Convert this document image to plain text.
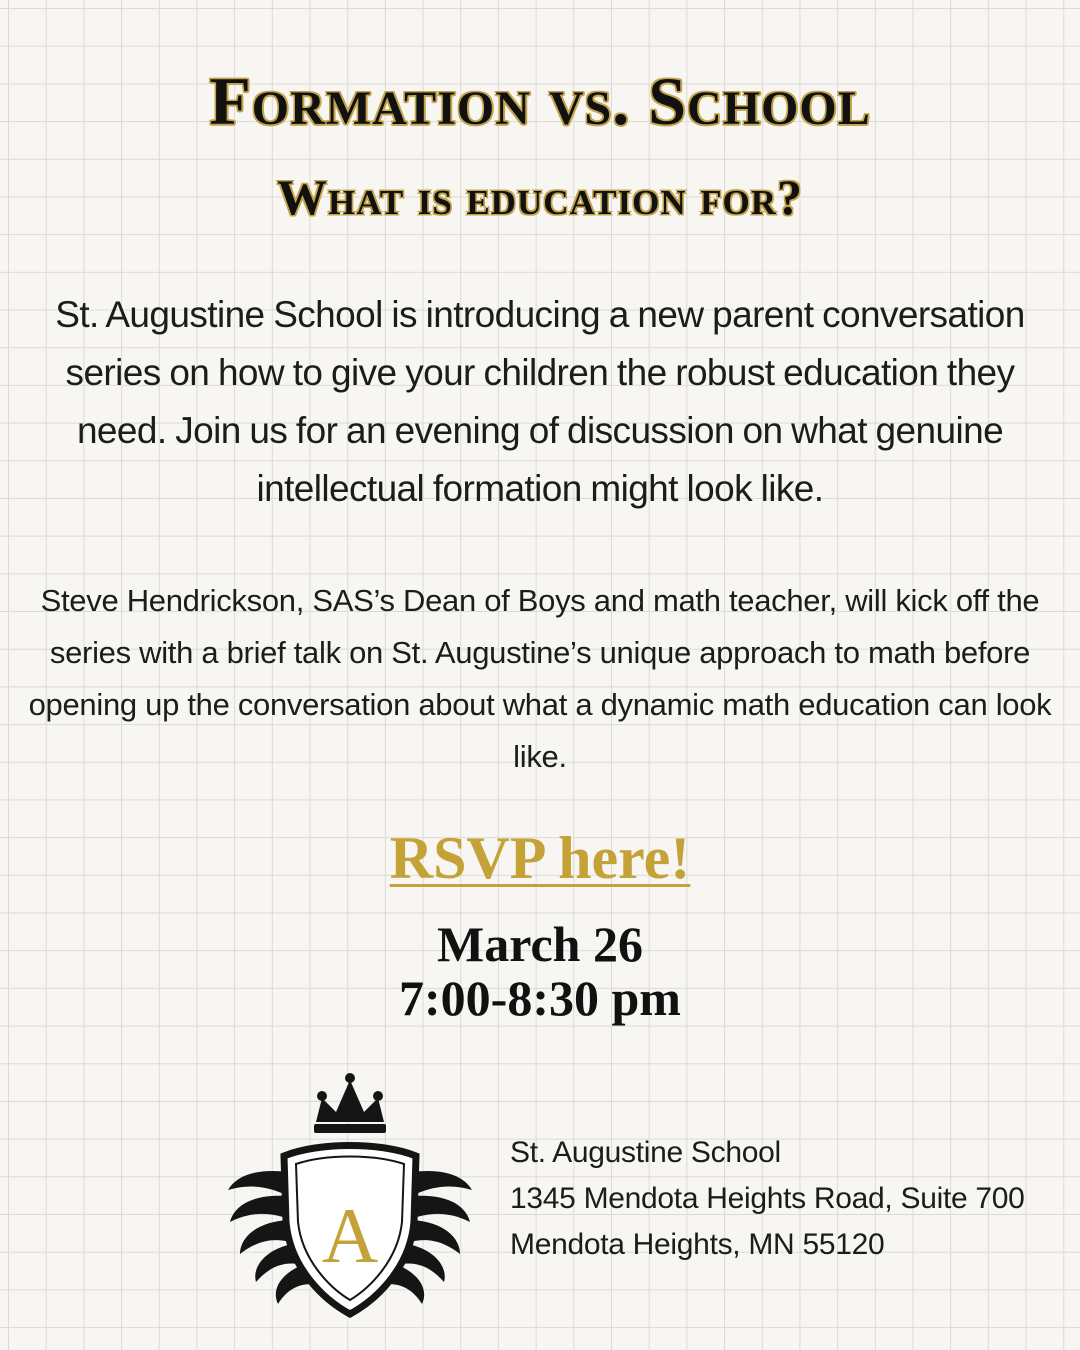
Formation vs. School
What is education for?
St. Augustine School is introducing a new parent conversation series on how to give your children the robust education they need. Join us for an evening of discussion on what genuine intellectual formation might look like.
Steve Hendrickson, SAS’s Dean of Boys and math teacher, will kick off the series with a brief talk on St. Augustine’s unique approach to math before opening up the conversation about what a dynamic math education can look like.
RSVP here!
March 26
7:00-8:30 pm
A
St. Augustine School
1345 Mendota Heights Road, Suite 700
Mendota Heights, MN 55120
